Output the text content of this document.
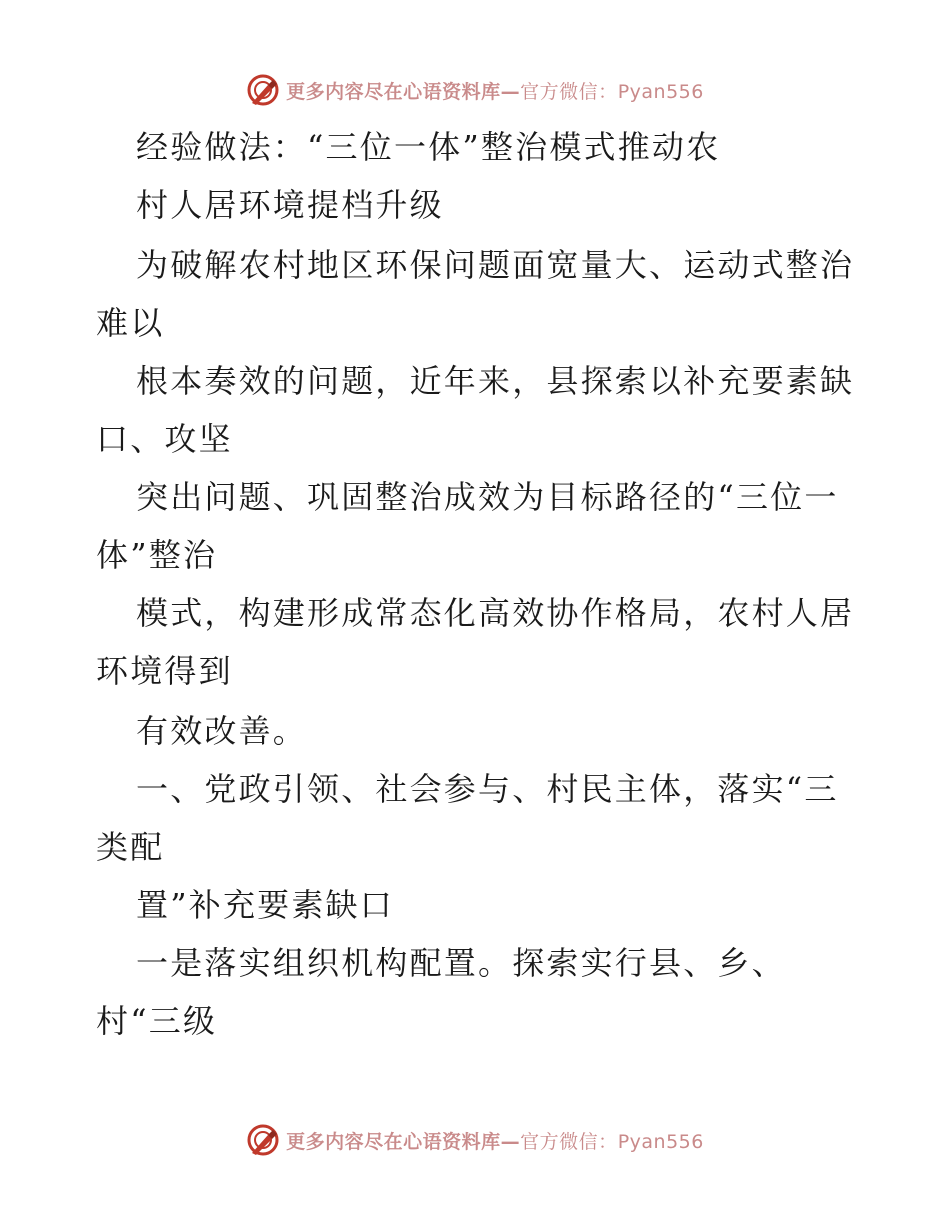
更多内容尽在心语资料库—官方微信：Pyan556
经验做法：“三位一体”整治模式推动农
村人居环境提档升级
为破解农村地区环保问题面宽量大、运动式整治
难以
根本奏效的问题，近年来，县探索以补充要素缺
口、攻坚
突出问题、巩固整治成效为目标路径的“三位一
体”整治
模式，构建形成常态化高效协作格局，农村人居
环境得到
有效改善。
一、党政引领、社会参与、村民主体，落实“三
类配
置”补充要素缺口
一是落实组织机构配置。探索实行县、乡、
村“三级
更多内容尽在心语资料库—官方微信：Pyan556
